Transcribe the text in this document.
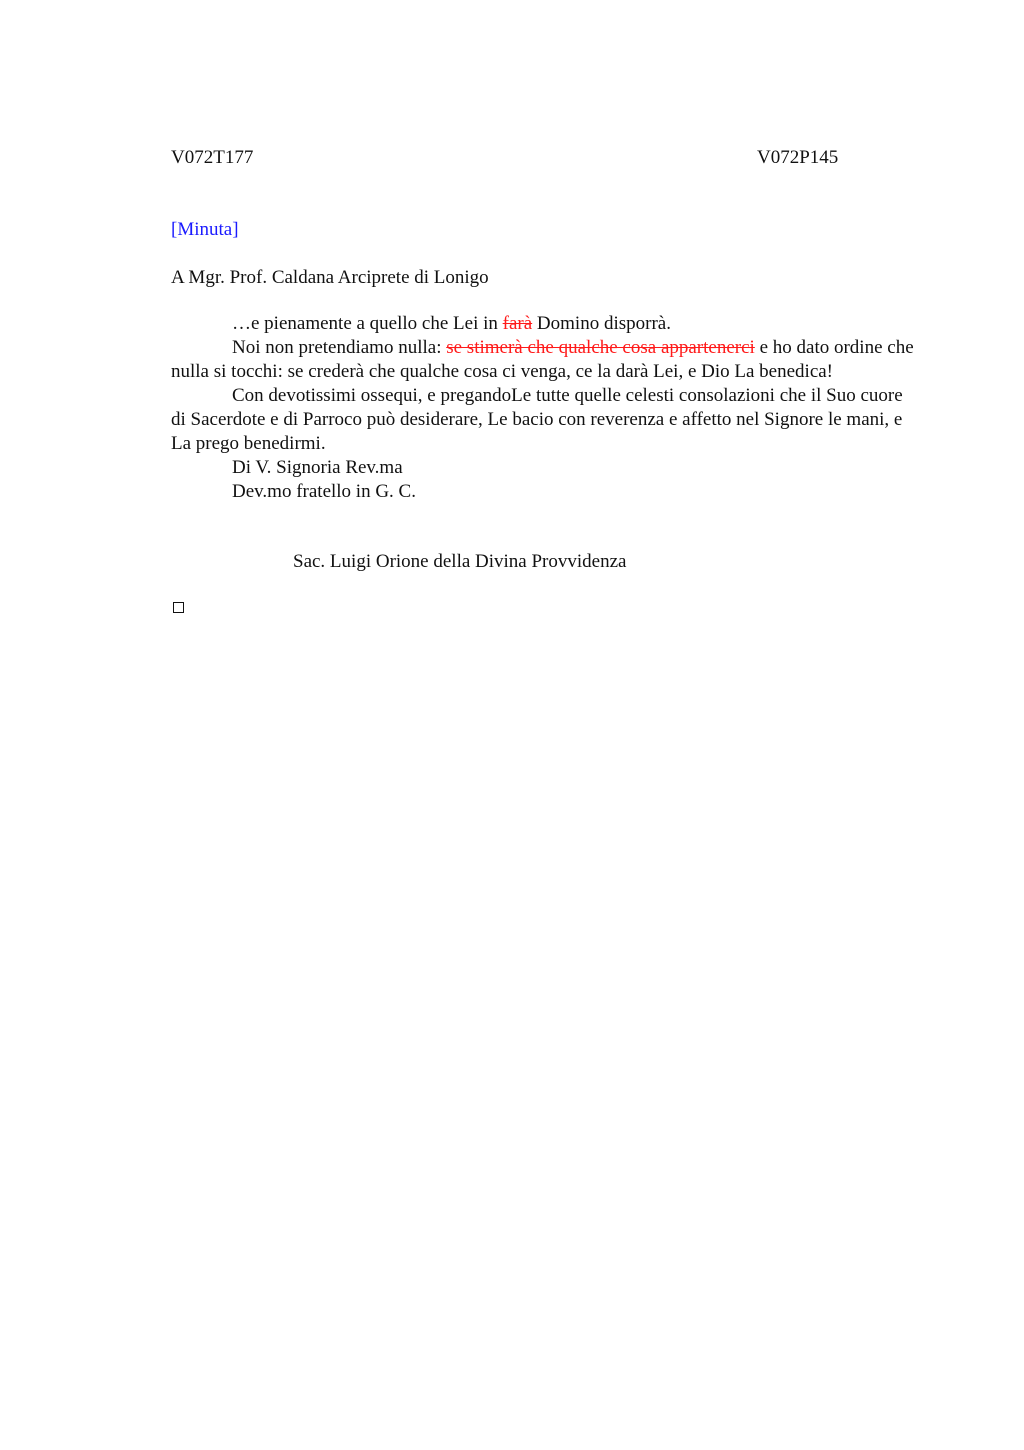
V072T177	V072P145
[Minuta]
A Mgr. Prof. Caldana Arciprete di Lonigo

…e pienamente a quello che Lei in farà Domino disporrà.

Noi non pretendiamo nulla: se stimerà che qualche cosa appartenerci e ho dato ordine che nulla si tocchi: se crederà che qualche cosa ci venga, ce la darà Lei, e Dio La benedica!

Con devotissimi ossequi, e pregandoLe tutte quelle celesti consolazioni che il Suo cuore di Sacerdote e di Parroco può desiderare, Le bacio con reverenza e affetto nel Signore le mani, e La prego benedirmi.

Di V. Signoria Rev.ma

Dev.mo fratello in G. C.

Sac. Luigi Orione della Divina Provvidenza
